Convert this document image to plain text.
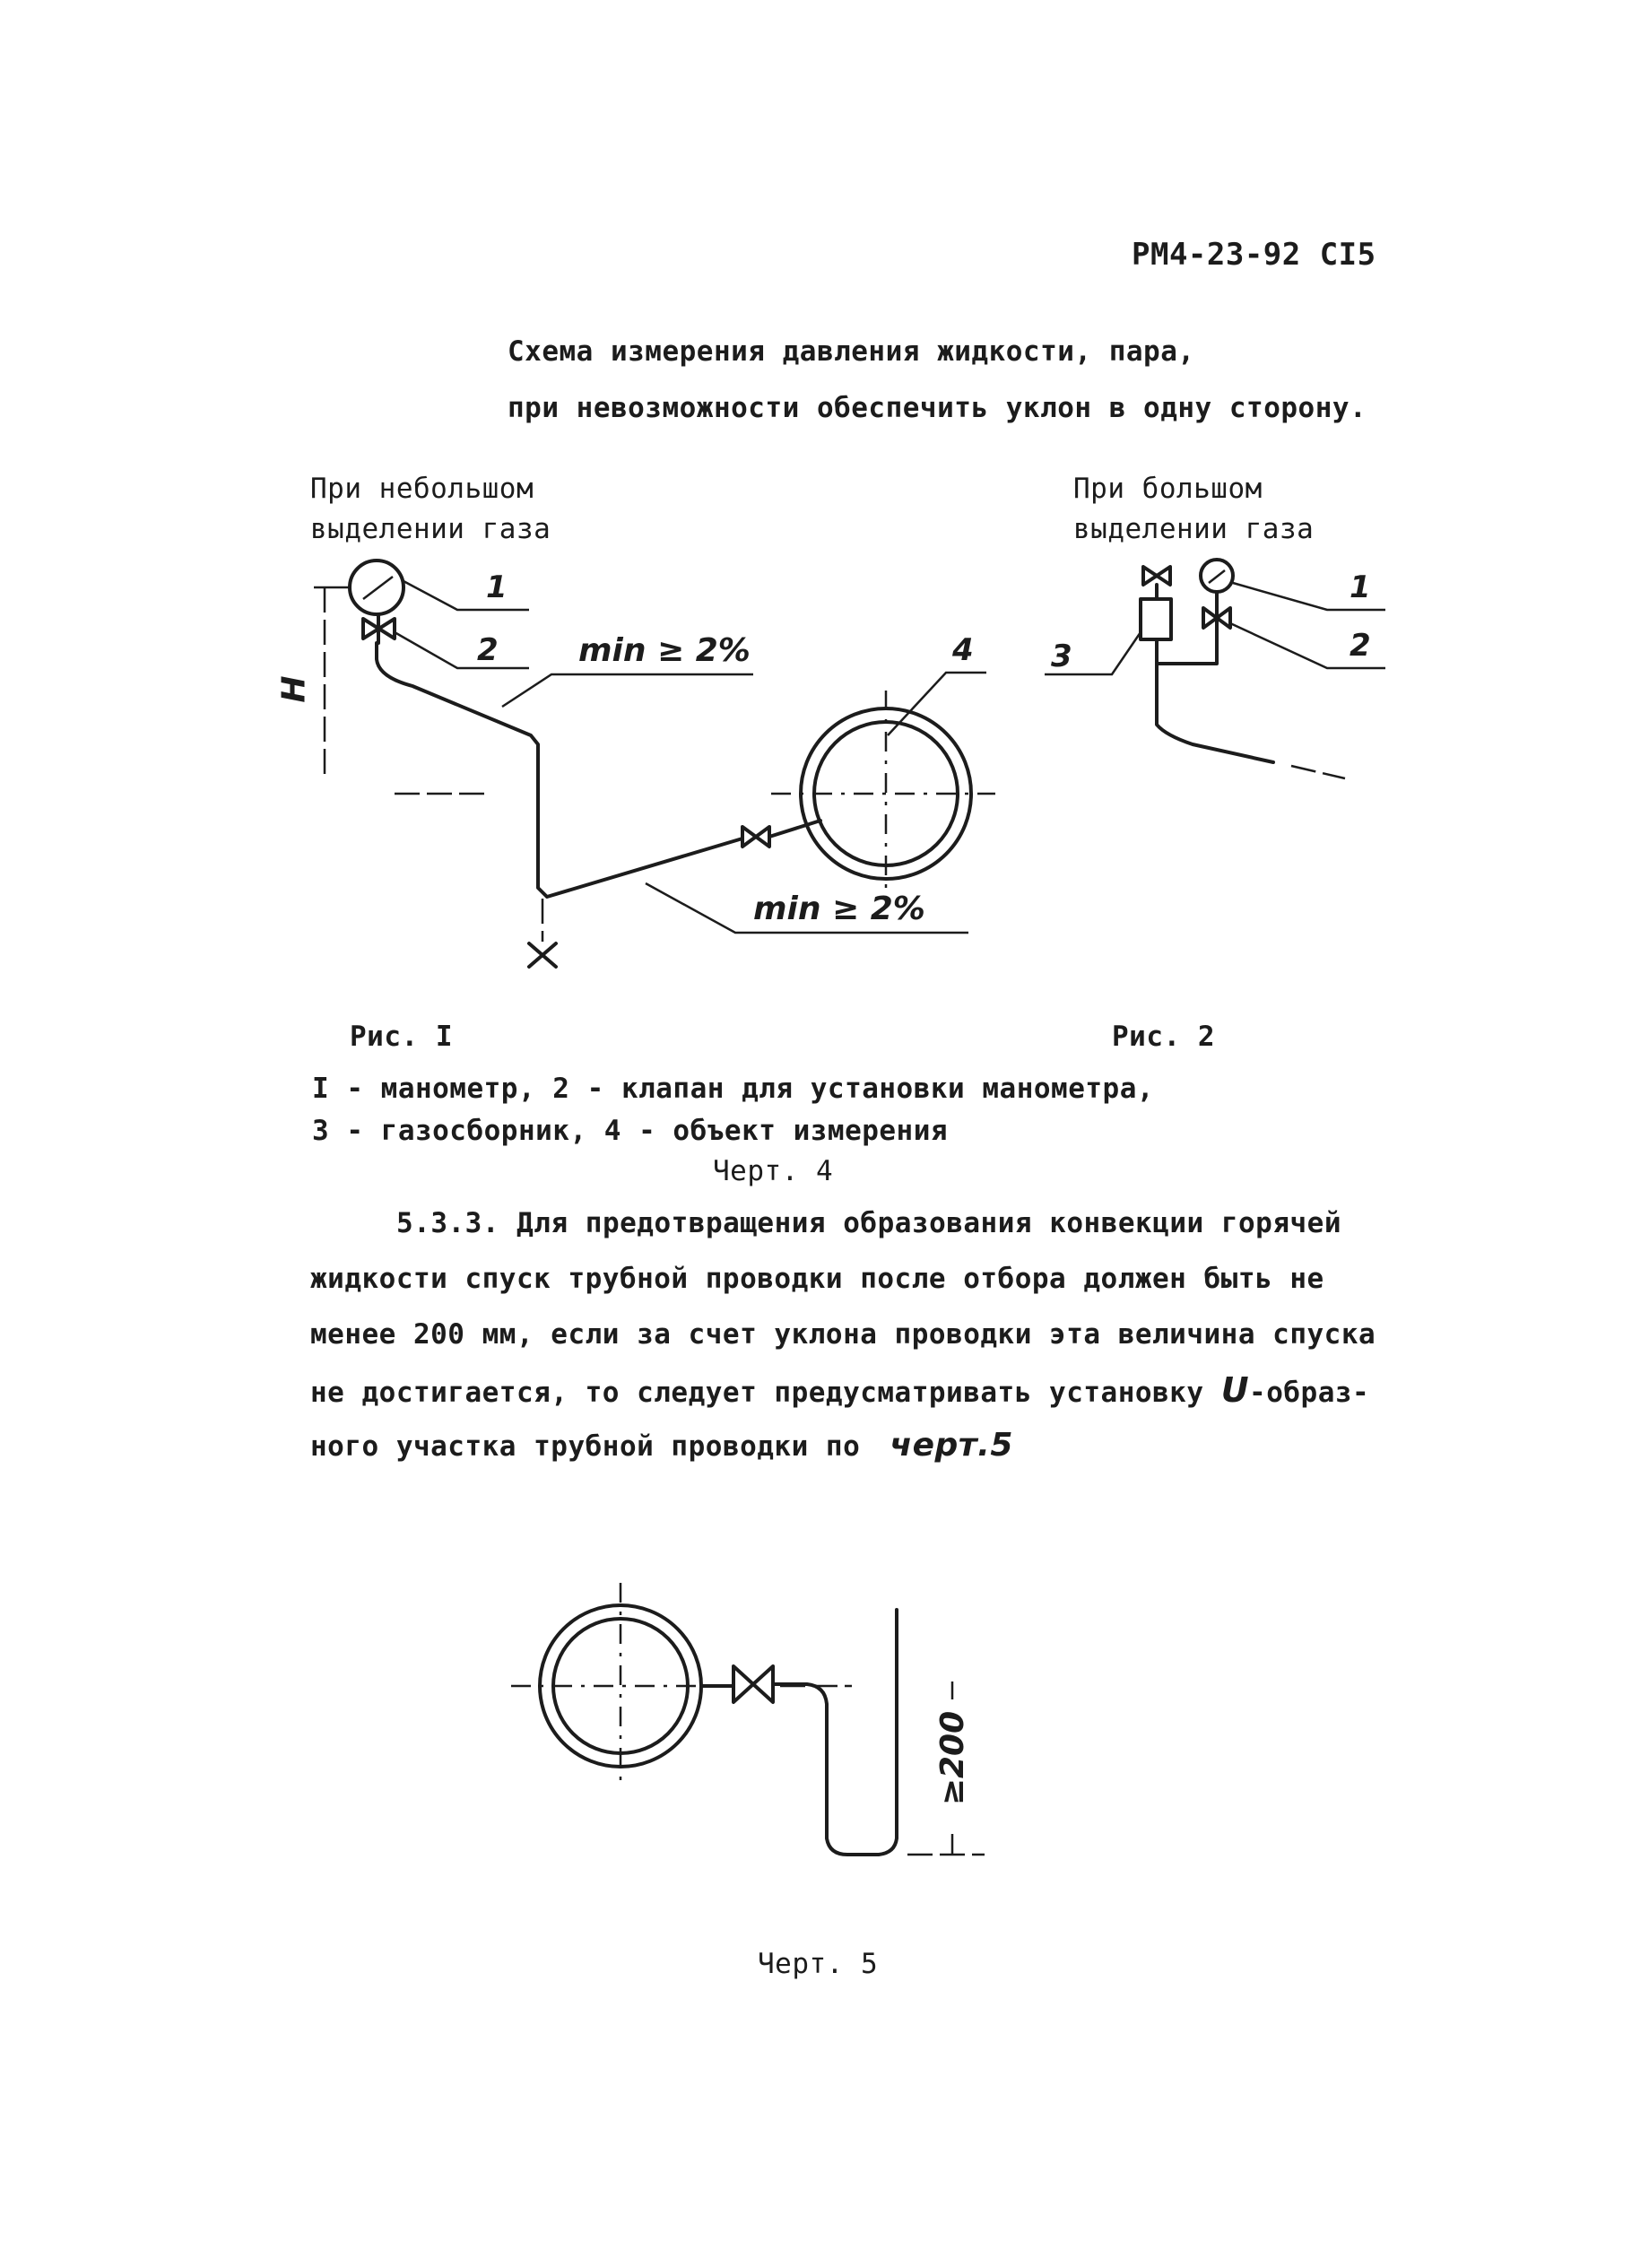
РМ4-23-92 СI5
Схема измерения давления жидкости, пара,
при невозможности обеспечить уклон в одну сторону.
При небольшом
выделении газа
При большом
выделении газа
1
2	4	3
1
2
min ≥ 2%
min ≥ 2%
H
Рис. I	Рис. 2
I - манометр, 2 - клапан для установки манометра,
3 - газосборник, 4 - объект измерения
Черт. 4
5.3.3. Для предотвращения образования конвекции горячей
жидкости спуск трубной проводки после отбора должен быть не
менее 200 мм, если за счет уклона проводки эта величина спуска
не достигается, то следует предусматривать установку U-образ-
ного участка трубной проводки по черт.5
≥200
Черт. 5
